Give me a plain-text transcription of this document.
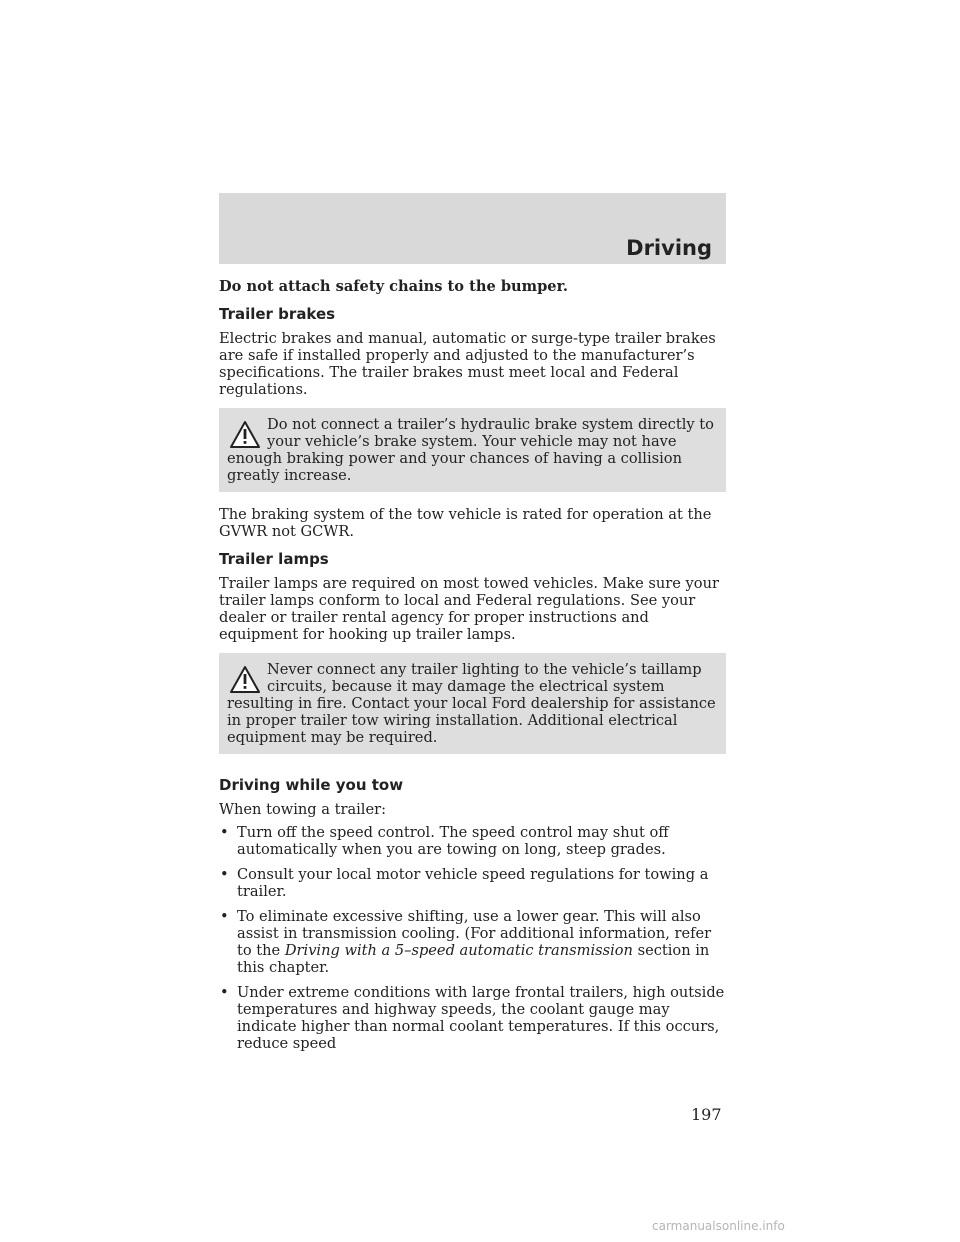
Driving

Do not attach safety chains to the bumper.

Trailer brakes

Electric brakes and manual, automatic or surge-type trailer brakes are safe if installed properly and adjusted to the manufacturer’s specifications. The trailer brakes must meet local and Federal regulations.

Do not connect a trailer’s hydraulic brake system directly to your vehicle’s brake system. Your vehicle may not have enough braking power and your chances of having a collision greatly increase.

The braking system of the tow vehicle is rated for operation at the GVWR not GCWR.

Trailer lamps

Trailer lamps are required on most towed vehicles. Make sure your trailer lamps conform to local and Federal regulations. See your dealer or trailer rental agency for proper instructions and equipment for hooking up trailer lamps.

Never connect any trailer lighting to the vehicle’s taillamp circuits, because it may damage the electrical system resulting in fire. Contact your local Ford dealership for assistance in proper trailer tow wiring installation. Additional electrical equipment may be required.
Driving while you tow

When towing a trailer:

• Turn off the speed control. The speed control may shut off automatically when you are towing on long, steep grades.
• Consult your local motor vehicle speed regulations for towing a trailer.
• To eliminate excessive shifting, use a lower gear. This will also assist in transmission cooling. (For additional information, refer to the Driving with a 5–speed automatic transmission section in this chapter.
• Under extreme conditions with large frontal trailers, high outside temperatures and highway speeds, the coolant gauge may indicate higher than normal coolant temperatures. If this occurs, reduce speed
197
carmanualsonline.info
